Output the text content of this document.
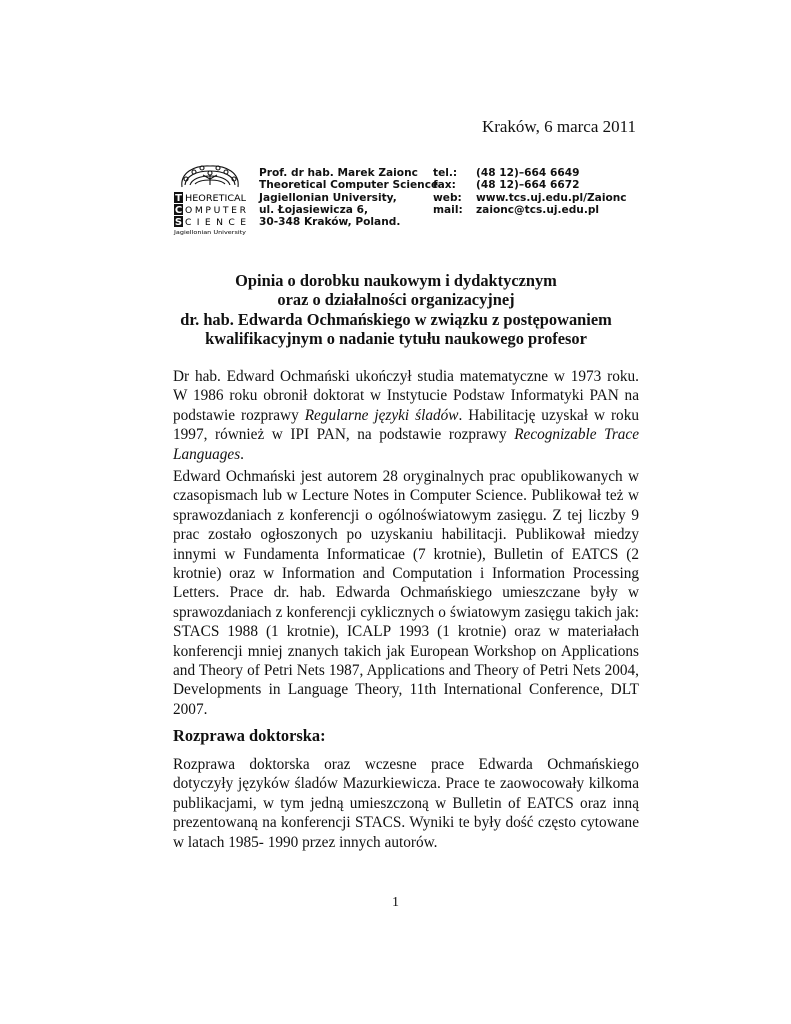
Kraków, 6 marca 2011
T
C
S
HEORETICAL
OMPUTER
CIENCE
Jagiellonian University
Prof. dr hab. Marek Zaionc
Theoretical Computer Science
Jagiellonian University,
ul. Łojasiewicza 6,
30-348 Kraków, Poland.
tel.:
fax:
web:
mail:
(48 12)–664 6649
(48 12)–664 6672
www.tcs.uj.edu.pl/Zaionc
zaionc@tcs.uj.edu.pl
Opinia o dorobku naukowym i dydaktycznym
oraz o działalności organizacyjnej
dr. hab. Edwarda Ochmańskiego w związku z postępowaniem
kwalifikacyjnym o nadanie tytułu naukowego profesor

Dr hab. Edward Ochmański ukończył studia matematyczne w 1973 roku. W 1986 roku obronił doktorat w Instytucie Podstaw Informatyki PAN na podstawie rozprawy Regularne języki śladów. Habilitację uzyskał w roku 1997, również w IPI PAN, na podstawie rozprawy Recognizable Trace Languages.

Edward Ochmański jest autorem 28 oryginalnych prac opublikowanych w czasopismach lub w Lecture Notes in Computer Science. Publikował też w sprawozdaniach z konferencji o ogólnoświatowym zasięgu. Z tej liczby 9 prac zostało ogłoszonych po uzyskaniu habilitacji. Publikował miedzy innymi w Fundamenta Informaticae (7 krotnie), Bulletin of EATCS (2 krotnie) oraz w Information and Computation i Information Processing Letters. Prace dr. hab. Edwarda Ochmańskiego umieszczane były w sprawozdaniach z konferencji cyklicznych o światowym zasięgu takich jak: STACS 1988 (1 krotnie), ICALP 1993 (1 krotnie) oraz w materiałach konferencji mniej znanych takich jak European Workshop on Applications and Theory of Petri Nets 1987, Applications and Theory of Petri Nets 2004, Developments in Language Theory, 11th International Conference, DLT 2007.

Rozprawa doktorska:

Rozprawa doktorska oraz wczesne prace Edwarda Ochmańskiego dotyczyły języków śladów Mazurkiewicza. Prace te zaowocowały kilkoma publikacjami, w tym jedną umieszczoną w Bulletin of EATCS oraz inną prezentowaną na konferencji STACS. Wyniki te były dość często cytowane w latach 1985- 1990 przez innych autorów.

1
